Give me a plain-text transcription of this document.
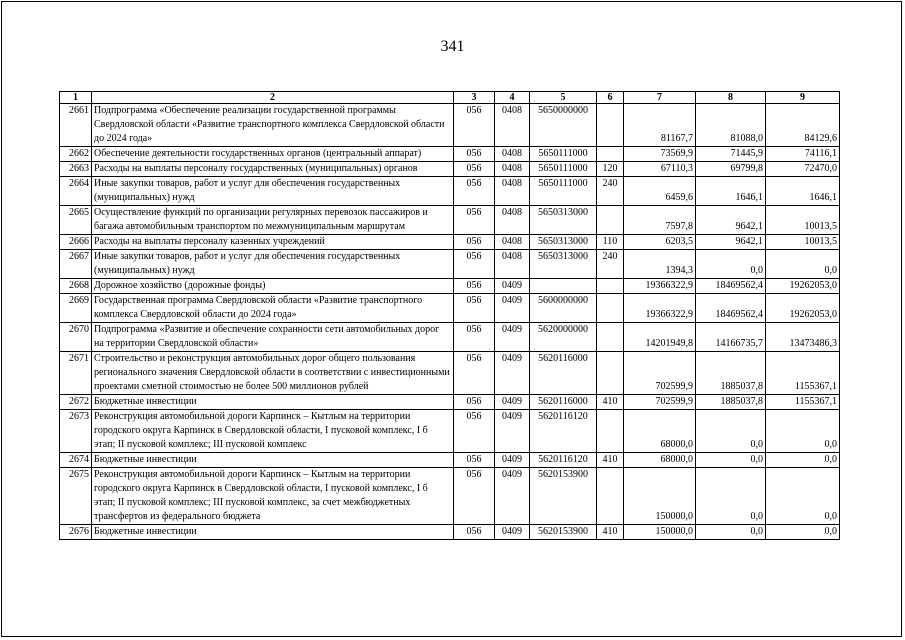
341
1	2	3	4	5	6	7	8	9
2661	Подпрограмма «Обеспечение реализации государственной программы Свердловской области «Развитие транспортного комплекса Свердловской области до 2024 года»	056	0408	5650000000		81167,7	81088,0	84129,6
2662	Обеспечение деятельности государственных органов (центральный аппарат)	056	0408	5650111000		73569,9	71445,9	74116,1
2663	Расходы на выплаты персоналу государственных (муниципальных) органов	056	0408	5650111000	120	67110,3	69799,8	72470,0
2664	Иные закупки товаров, работ и услуг для обеспечения государственных (муниципальных) нужд	056	0408	5650111000	240	6459,6	1646,1	1646,1
2665	Осуществление функций по организации регулярных перевозок пассажиров и багажа автомобильным транспортом по межмуниципальным маршрутам	056	0408	5650313000		7597,8	9642,1	10013,5
2666	Расходы на выплаты персоналу казенных учреждений	056	0408	5650313000	110	6203,5	9642,1	10013,5
2667	Иные закупки товаров, работ и услуг для обеспечения государственных (муниципальных) нужд	056	0408	5650313000	240	1394,3	0,0	0,0
2668	Дорожное хозяйство (дорожные фонды)	056	0409			19366322,9	18469562,4	19262053,0
2669	Государственная программа Свердловской области «Развитие транспортного комплекса Свердловской области до 2024 года»	056	0409	5600000000		19366322,9	18469562,4	19262053,0
2670	Подпрограмма «Развитие и обеспечение сохранности сети автомобильных дорог на территории Свердловской области»	056	0409	5620000000		14201949,8	14166735,7	13473486,3
2671	Строительство и реконструкция автомобильных дорог общего пользования регионального значения Свердловской области в соответствии с инвестиционными проектами сметной стоимостью не более 500 миллионов рублей	056	0409	5620116000		702599,9	1885037,8	1155367,1
2672	Бюджетные инвестиции	056	0409	5620116000	410	702599,9	1885037,8	1155367,1
2673	Реконструкция автомобильной дороги Карпинск – Кытлым на территории городского округа Карпинск в Свердловской области, I пусковой комплекс, I б этап; II пусковой комплекс; III пусковой комплекс	056	0409	5620116120		68000,0	0,0	0,0
2674	Бюджетные инвестиции	056	0409	5620116120	410	68000,0	0,0	0,0
2675	Реконструкция автомобильной дороги Карпинск – Кытлым на территории городского округа Карпинск в Свердловской области, I пусковой комплекс, I б этап; II пусковой комплекс; III пусковой комплекс, за счет межбюджетных трансфертов из федерального бюджета	056	0409	5620153900		150000,0	0,0	0,0
2676	Бюджетные инвестиции	056	0409	5620153900	410	150000,0	0,0	0,0
